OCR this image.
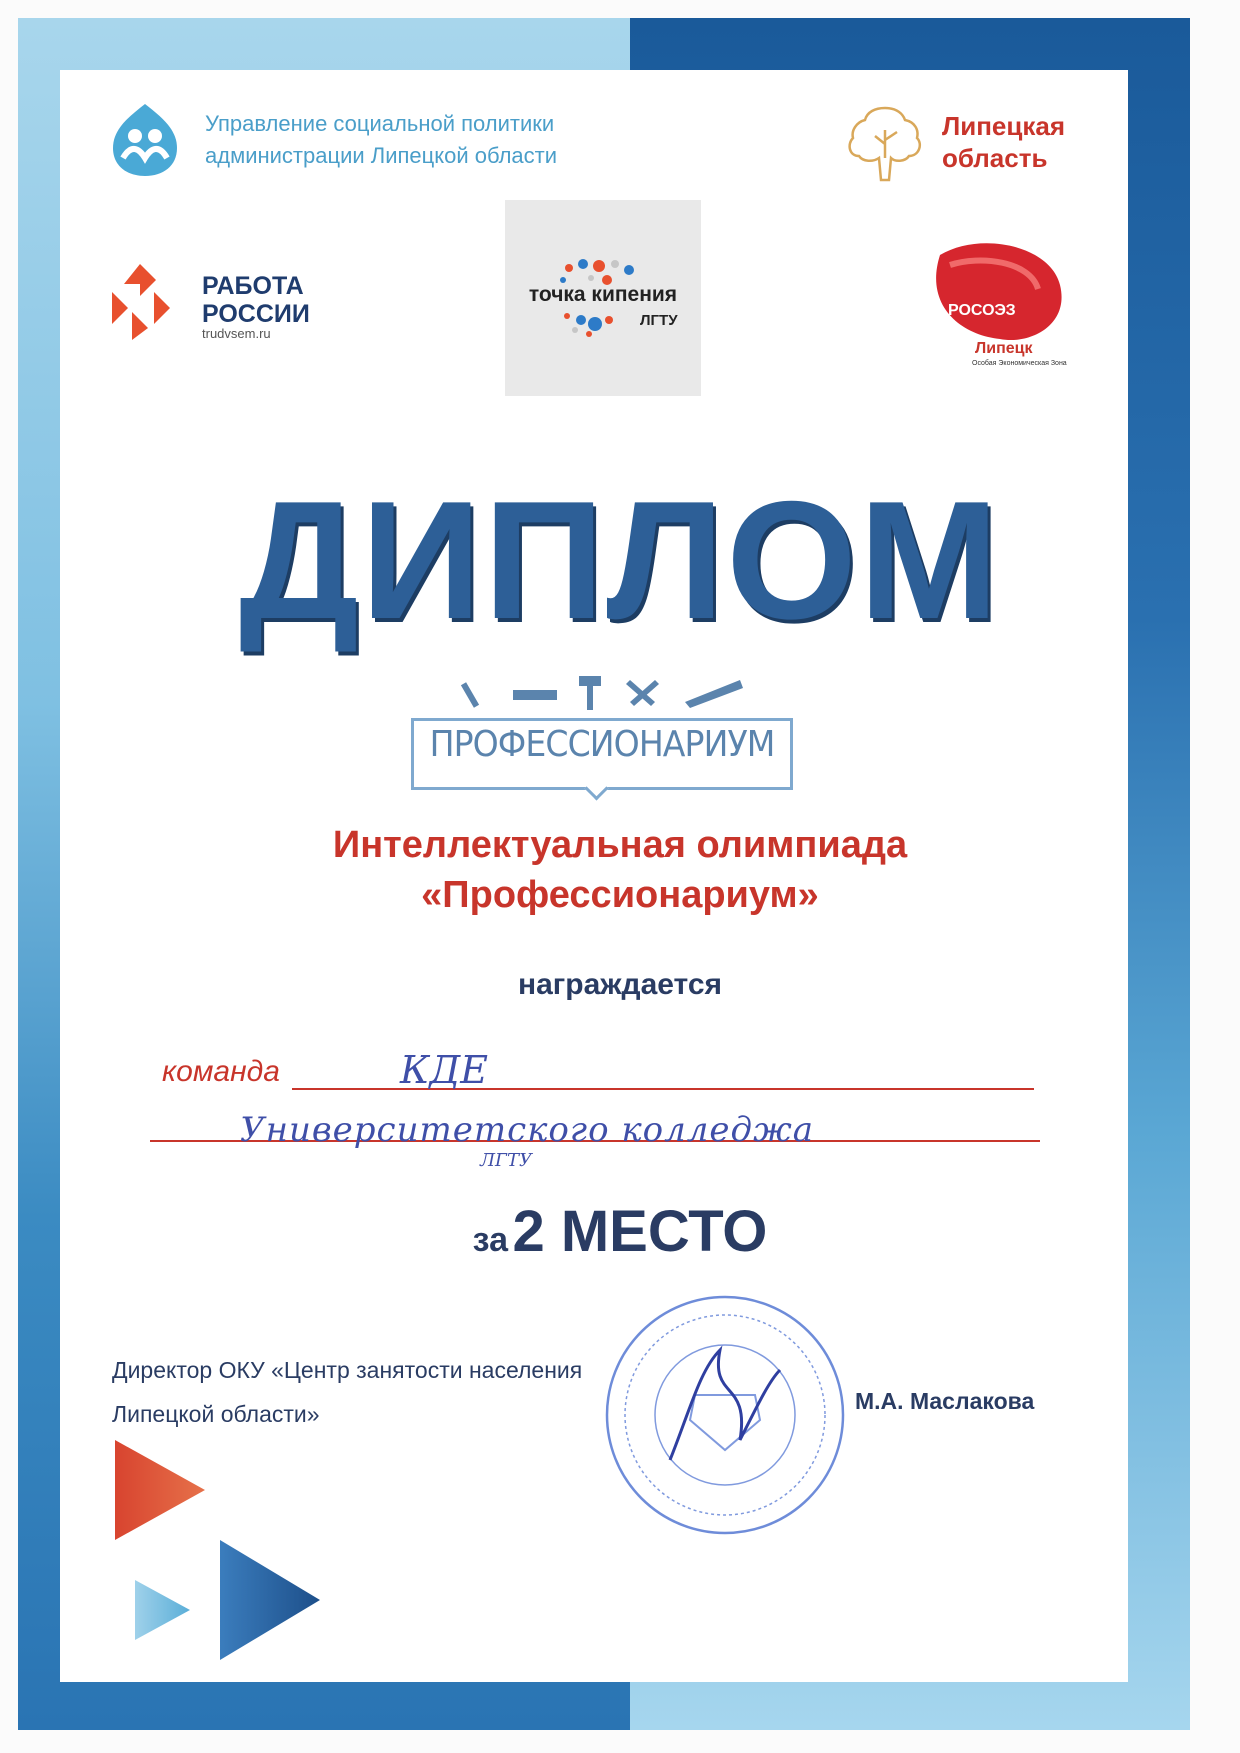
Управление социальной политики
администрации Липецкой области
Липецкая
область
РАБОТА
РОССИИ
trudvsem.ru
точка кипения
ЛГТУ
РОСОЭЗ
Липецк
Особая Экономическая Зона
ДИПЛОМ
ПРОФЕССИОНАРИУМ
Интеллектуальная олимпиада
«Профессионариум»
награждается
команда	КДЕ
Университетского колледжа
ЛГТУ
за 2 МЕСТО
Директор ОКУ «Центр занятости населения
Липецкой области»	М.А. Маслакова
